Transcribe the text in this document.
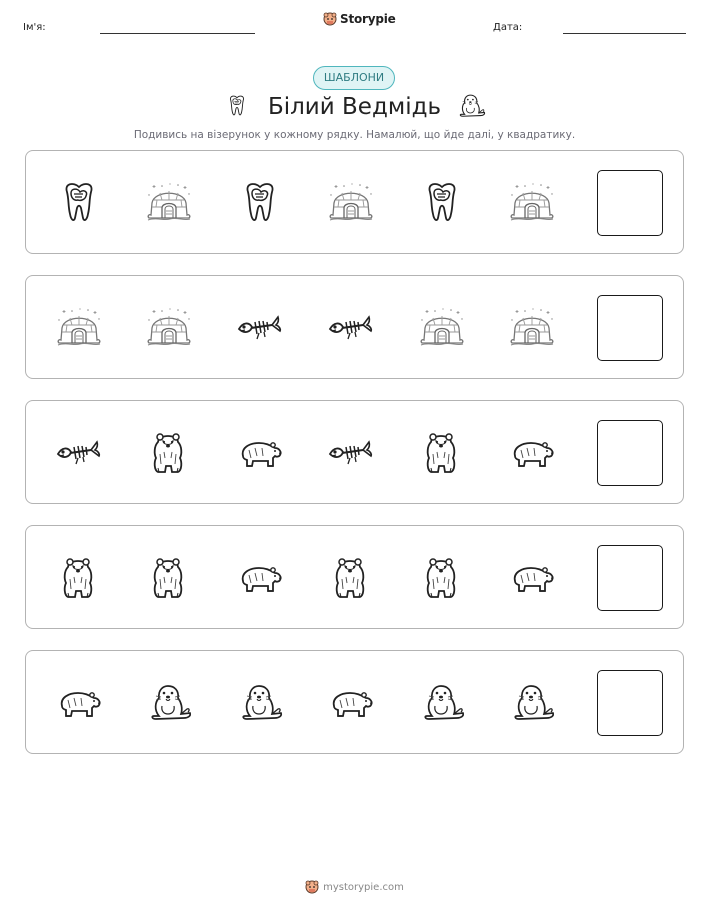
Ім'я:
Storypie
Дата:
ШАБЛОНИ
Білий Ведмідь
Подивись на візерунок у кожному рядку. Намалюй, що йде далі, у квадратику.
mystorypie.com
